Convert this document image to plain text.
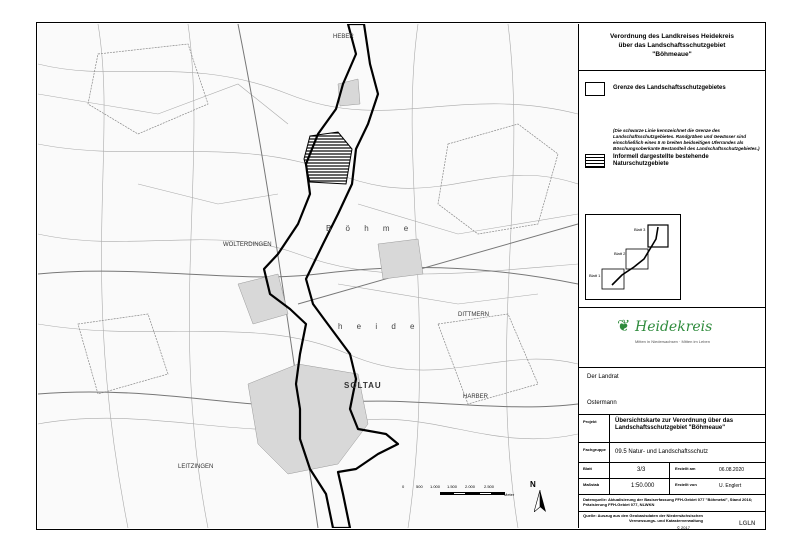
SOLTAU
B ö h m e
h e i d e
WOLTERDINGEN
DITTMERN
HARBER
HEBER
LEITZINGEN
0	500 1.000 1.500 2.000 2.500
Meter
N
Verordnung des Landkreises Heidekreis
über das Landschaftsschutzgebiet
"Böhmeaue"
Grenze des Landschaftsschutzgebietes
(Die schwarze Linie kennzeichnet die Grenze des Landschaftsschutzgebietes. Randgräben und Gewässer sind einschließlich eines 5 m breiten beidseitigen Uferrandes als Böschungsoberkante Bestandteil des Landschaftsschutzgebietes.)
Informell dargestellte bestehende
Naturschutzgebiete
Blatt 3
Blatt 2
Blatt 1
❦ Heidekreis
Mitten in Niedersachsen · Mitten im Leben
Der Landrat
Ostermann
Projekt	Übersichtskarte zur Verordnung über das
Landschaftsschutzgebiet "Böhmeaue"
Fachgruppe 09.5 Natur- und Landschaftsschutz
Blatt	3/3	Erstellt am	06.08.2020
Maßstab	1:50.000	Erstellt von	U. Englert
Datenquelle: Aktualisierung der Basiserfassung FFH-Gebiet 077 "Böhmetal", Stand 2016; Präzisierung FFH-Gebiet 077, NLWKN
Quelle: Auszug aus den Geobasisdaten der Niedersächsischen Vermessungs- und Katasterverwaltung
© 2017
LGLN
